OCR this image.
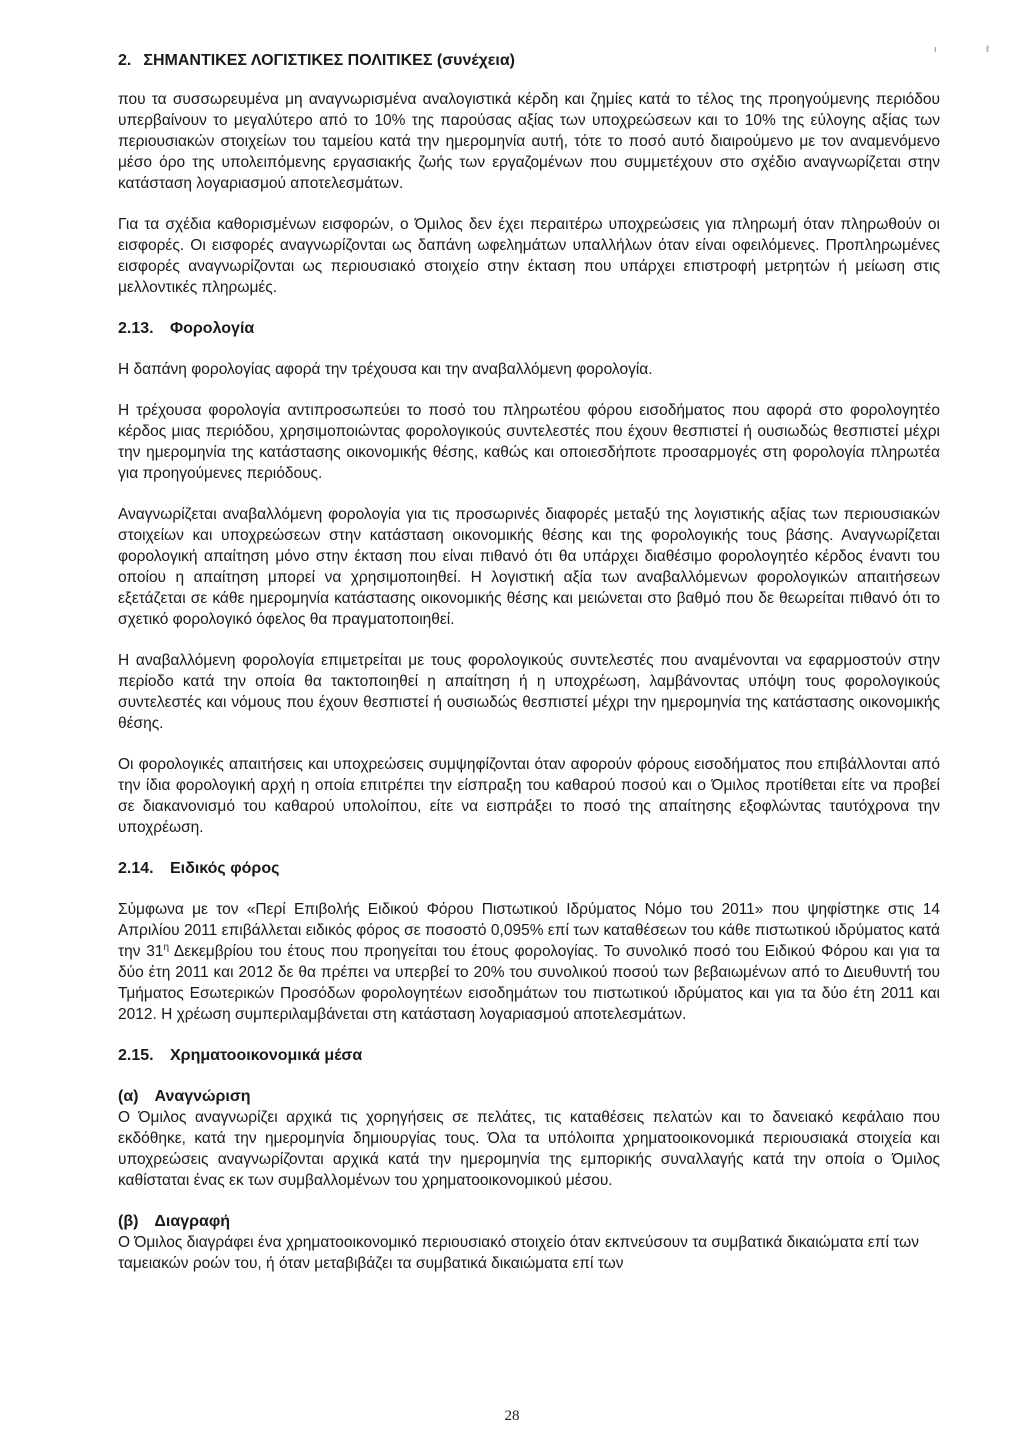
ı	ℓ
2. ΣΗΜΑΝΤΙΚΕΣ ΛΟΓΙΣΤΙΚΕΣ ΠΟΛΙΤΙΚΕΣ (συνέχεια)

που τα συσσωρευμένα μη αναγνωρισμένα αναλογιστικά κέρδη και ζημίες κατά το τέλος της προηγούμενης περιόδου υπερβαίνουν το μεγαλύτερο από το 10% της παρούσας αξίας των υποχρεώσεων και το 10% της εύλογης αξίας των περιουσιακών στοιχείων του ταμείου κατά την ημερομηνία αυτή, τότε το ποσό αυτό διαιρούμενο με τον αναμενόμενο μέσο όρο της υπολειπόμενης εργασιακής ζωής των εργαζομένων που συμμετέχουν στο σχέδιο αναγνωρίζεται στην κατάσταση λογαριασμού αποτελεσμάτων.

Για τα σχέδια καθορισμένων εισφορών, ο Όμιλος δεν έχει περαιτέρω υποχρεώσεις για πληρωμή όταν πληρωθούν οι εισφορές. Οι εισφορές αναγνωρίζονται ως δαπάνη ωφελημάτων υπαλλήλων όταν είναι οφειλόμενες. Προπληρωμένες εισφορές αναγνωρίζονται ως περιουσιακό στοιχείο στην έκταση που υπάρχει επιστροφή μετρητών ή μείωση στις μελλοντικές πληρωμές.

2.13. Φορολογία

Η δαπάνη φορολογίας αφορά την τρέχουσα και την αναβαλλόμενη φορολογία.

Η τρέχουσα φορολογία αντιπροσωπεύει το ποσό του πληρωτέου φόρου εισοδήματος που αφορά στο φορολογητέο κέρδος μιας περιόδου, χρησιμοποιώντας φορολογικούς συντελεστές που έχουν θεσπιστεί ή ουσιωδώς θεσπιστεί μέχρι την ημερομηνία της κατάστασης οικονομικής θέσης, καθώς και οποιεσδήποτε προσαρμογές στη φορολογία πληρωτέα για προηγούμενες περιόδους.

Αναγνωρίζεται αναβαλλόμενη φορολογία για τις προσωρινές διαφορές μεταξύ της λογιστικής αξίας των περιουσιακών στοιχείων και υποχρεώσεων στην κατάσταση οικονομικής θέσης και της φορολογικής τους βάσης. Αναγνωρίζεται φορολογική απαίτηση μόνο στην έκταση που είναι πιθανό ότι θα υπάρχει διαθέσιμο φορολογητέο κέρδος έναντι του οποίου η απαίτηση μπορεί να χρησιμοποιηθεί. Η λογιστική αξία των αναβαλλόμενων φορολογικών απαιτήσεων εξετάζεται σε κάθε ημερομηνία κατάστασης οικονομικής θέσης και μειώνεται στο βαθμό που δε θεωρείται πιθανό ότι το σχετικό φορολογικό όφελος θα πραγματοποιηθεί.

Η αναβαλλόμενη φορολογία επιμετρείται με τους φορολογικούς συντελεστές που αναμένονται να εφαρμοστούν στην περίοδο κατά την οποία θα τακτοποιηθεί η απαίτηση ή η υποχρέωση, λαμβάνοντας υπόψη τους φορολογικούς συντελεστές και νόμους που έχουν θεσπιστεί ή ουσιωδώς θεσπιστεί μέχρι την ημερομηνία της κατάστασης οικονομικής θέσης.

Οι φορολογικές απαιτήσεις και υποχρεώσεις συμψηφίζονται όταν αφορούν φόρους εισοδήματος που επιβάλλονται από την ίδια φορολογική αρχή η οποία επιτρέπει την είσπραξη του καθαρού ποσού και ο Όμιλος προτίθεται είτε να προβεί σε διακανονισμό του καθαρού υπολοίπου, είτε να εισπράξει το ποσό της απαίτησης εξοφλώντας ταυτόχρονα την υποχρέωση.

2.14. Ειδικός φόρος

Σύμφωνα με τον «Περί Επιβολής Ειδικού Φόρου Πιστωτικού Ιδρύματος Νόμο του 2011» που ψηφίστηκε στις 14 Απριλίου 2011 επιβάλλεται ειδικός φόρος σε ποσοστό 0,095% επί των καταθέσεων του κάθε πιστωτικού ιδρύματος κατά την $31^\eta$ Δεκεμβρίου του έτους που προηγείται του έτους φορολογίας. Το συνολικό ποσό του Ειδικού Φόρου και για τα δύο έτη 2011 και 2012 δε θα πρέπει να υπερβεί το 20% του συνολικού ποσού των βεβαιωμένων από το Διευθυντή του Τμήματος Εσωτερικών Προσόδων φορολογητέων εισοδημάτων του πιστωτικού ιδρύματος και για τα δύο έτη 2011 και 2012. Η χρέωση συμπεριλαμβάνεται στη κατάσταση λογαριασμού αποτελεσμάτων.

2.15. Χρηματοοικονομικά μέσα
(α) Αναγνώριση

Ο Όμιλος αναγνωρίζει αρχικά τις χορηγήσεις σε πελάτες, τις καταθέσεις πελατών και το δανειακό κεφάλαιο που εκδόθηκε, κατά την ημερομηνία δημιουργίας τους. Όλα τα υπόλοιπα χρηματοοικονομικά περιουσιακά στοιχεία και υποχρεώσεις αναγνωρίζονται αρχικά κατά την ημερομηνία της εμπορικής συναλλαγής κατά την οποία ο Όμιλος καθίσταται ένας εκ των συμβαλλομένων του χρηματοοικονομικού μέσου.

(β) Διαγραφή

Ο Όμιλος διαγράφει ένα χρηματοοικονομικό περιουσιακό στοιχείο όταν εκπνεύσουν τα συμβατικά δικαιώματα επί των ταμειακών ροών του, ή όταν μεταβιβάζει τα συμβατικά δικαιώματα επί των

28
